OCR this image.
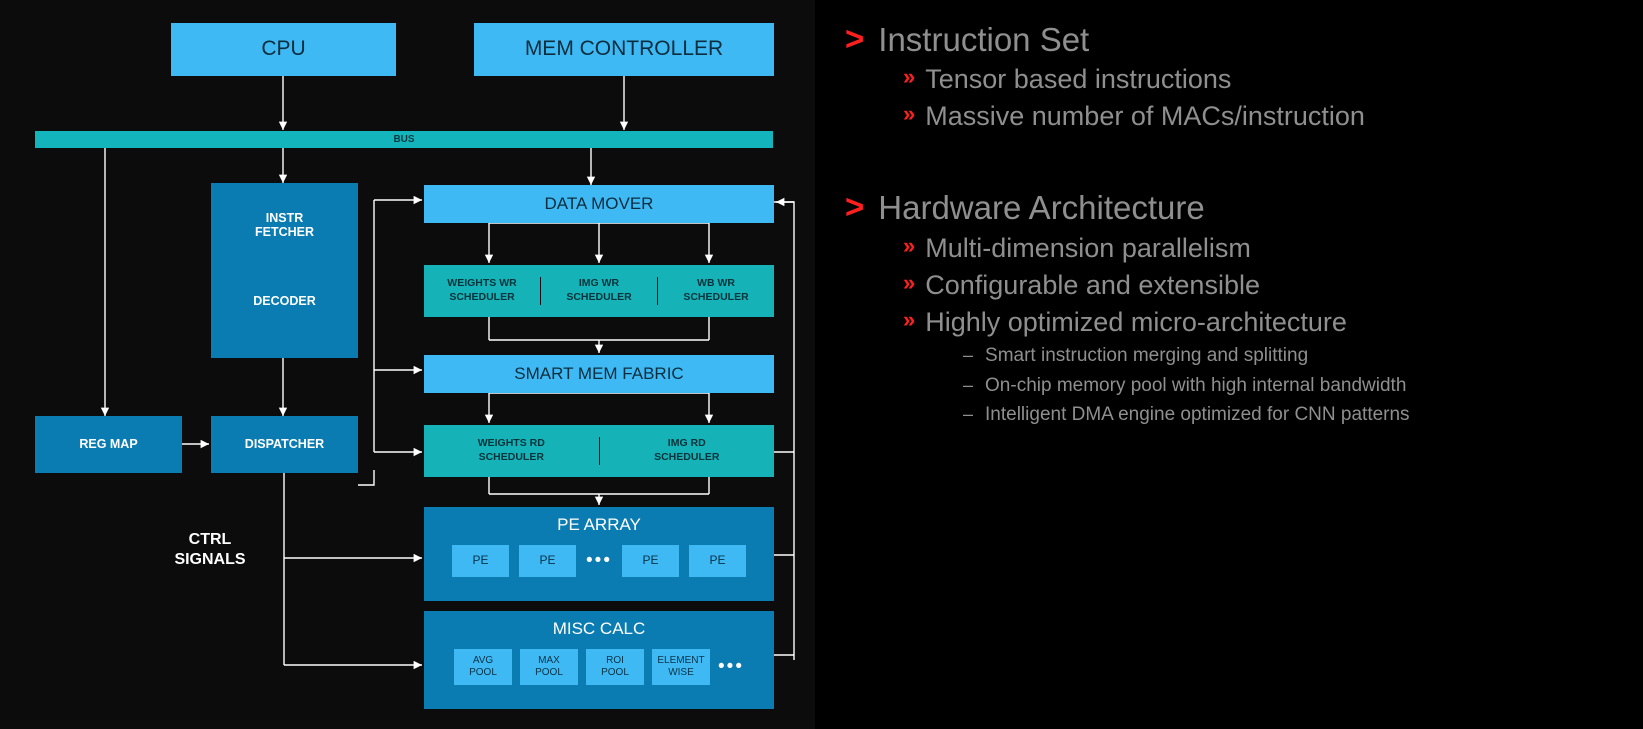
CPU	MEM CONTROLLER
BUS
INSTR
FETCHER
DECODER
REG MAP	DISPATCHER
CTRL
SIGNALS
DATA MOVER
WEIGHTS WR
SCHEDULER
IMG WR
SCHEDULER
WB WR
SCHEDULER
SMART MEM FABRIC
WEIGHTS RD
SCHEDULER
IMG RD
SCHEDULER
PE ARRAY
PE	PE	•••	PE	PE
MISC CALC
AVG
POOL
MAX
POOL
ROI
POOL
ELEMENT
WISE	•••
> Instruction Set
» Tensor based instructions
» Massive number of MACs/instruction
> Hardware Architecture
» Multi-dimension parallelism
» Configurable and extensible
» Highly optimized micro-architecture
– Smart instruction merging and splitting
– On-chip memory pool with high internal bandwidth
– Intelligent DMA engine optimized for CNN patterns
